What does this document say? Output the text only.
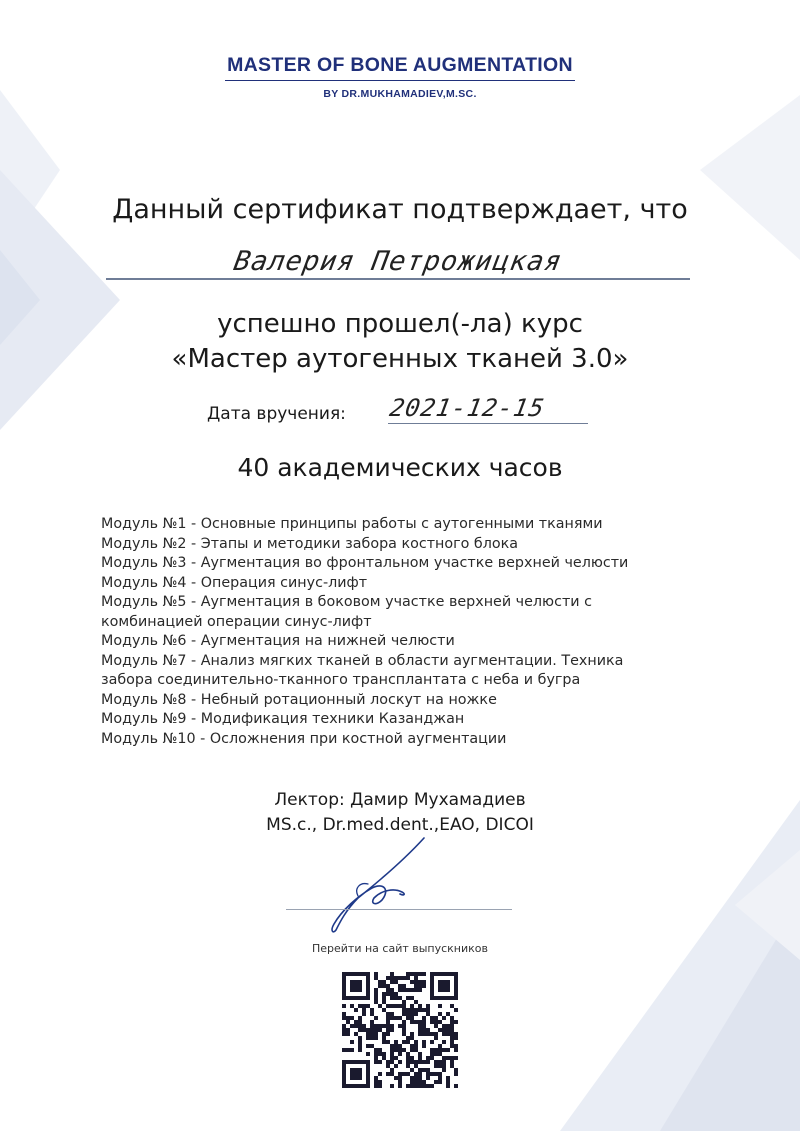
MASTER OF BONE AUGMENTATION
BY DR.MUKHAMADIEV,M.SC.
Данный сертификат подтверждает, что
Валерия Петрожицкая
успешно прошел(-ла) курс
«Мастер аутогенных тканей 3.0»
Дата вручения: 2021-12-15
40 академических часов
Модуль №1 - Основные принципы работы с аутогенными тканями
Модуль №2 - Этапы и методики забора костного блока
Модуль №3 - Аугментация во фронтальном участке верхней челюсти
Модуль №4 - Операция синус-лифт
Модуль №5 - Аугментация в боковом участке верхней челюсти с
комбинацией операции синус-лифт
Модуль №6 - Аугментация на нижней челюсти
Модуль №7 - Анализ мягких тканей в области аугментации. Техника
забора соединительно-тканного трансплантата с неба и бугра
Модуль №8 - Небный ротационный лоскут на ножке
Модуль №9 - Модификация техники Казанджан
Модуль №10 - Осложнения при костной аугментации
Лектор: Дамир Мухамадиев
MS.c., Dr.med.dent.,EAO, DICOI
Перейти на сайт выпускников
